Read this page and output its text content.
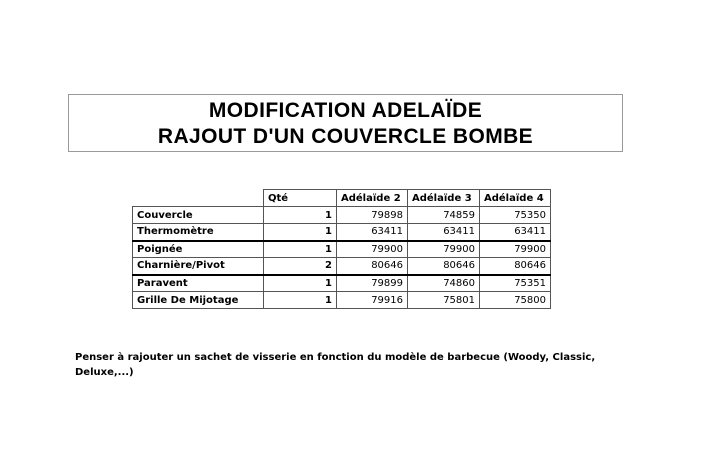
MODIFICATION ADELAÏDE
RAJOUT D'UN COUVERCLE BOMBE
	Qté	Adélaïde 2	Adélaïde 3	Adélaïde 4
Couvercle	1	79898	74859	75350
Thermomètre	1	63411	63411	63411
Poignée	1	79900	79900	79900
Charnière/Pivot	2	80646	80646	80646
Paravent	1	79899	74860	75351
Grille De Mijotage	1	79916	75801	75800
Penser à rajouter un sachet de visserie en fonction du modèle de barbecue (Woody, Classic, Deluxe,...)
